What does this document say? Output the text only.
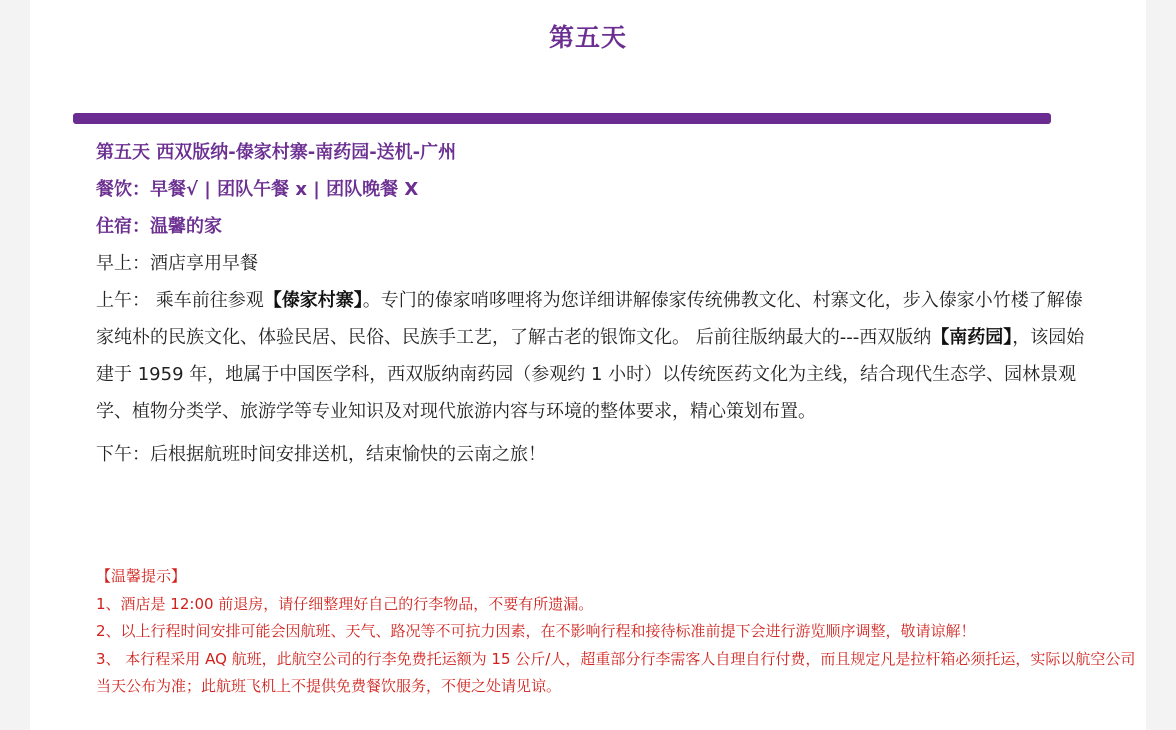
第五天
第五天 西双版纳-傣家村寨-南药园-送机-广州
餐饮：早餐√ | 团队午餐 x | 团队晚餐 X
住宿：温馨的家
早上：酒店享用早餐
上午： 乘车前往参观【傣家村寨】。专门的傣家哨哆哩将为您详细讲解傣家传统佛教文化、村寨文化，步入傣家小竹楼了解傣家纯朴的民族文化、体验民居、民俗、民族手工艺，了解古老的银饰文化。 后前往版纳最大的---西双版纳【南药园】，该园始建于 1959 年，地属于中国医学科，西双版纳南药园（参观约 1 小时）以传统医药文化为主线，结合现代生态学、园林景观学、植物分类学、旅游学等专业知识及对现代旅游内容与环境的整体要求，精心策划布置。
下午：后根据航班时间安排送机，结束愉快的云南之旅！
【温馨提示】
1、酒店是 12:00 前退房，请仔细整理好自己的行李物品，不要有所遗漏。
2、以上行程时间安排可能会因航班、天气、路况等不可抗力因素，在不影响行程和接待标准前提下会进行游览顺序调整，敬请谅解！
3、 本行程采用 AQ 航班，此航空公司的行李免费托运额为 15 公斤/人，超重部分行李需客人自理自行付费，而且规定凡是拉杆箱必须托运，实际以航空公司当天公布为准；此航班飞机上不提供免费餐饮服务，不便之处请见谅。
